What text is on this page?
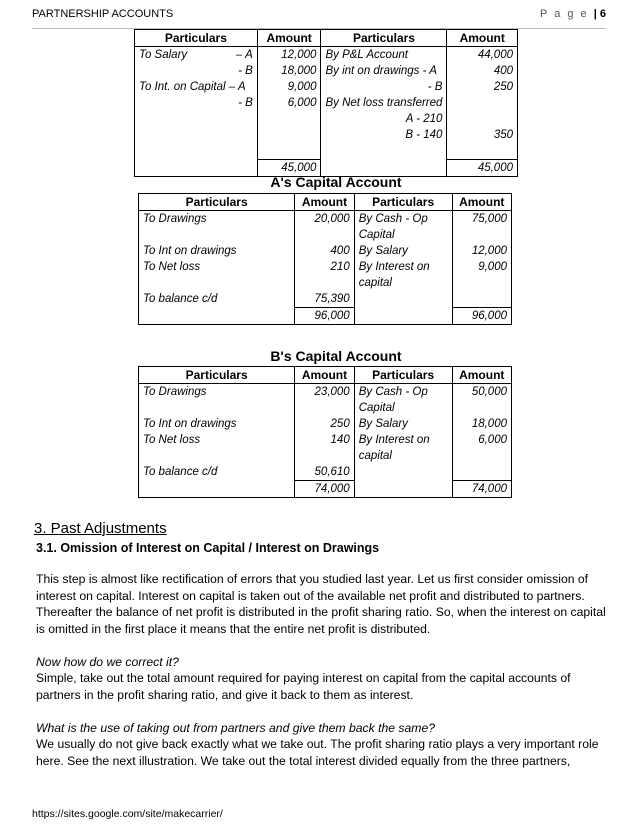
PARTNERSHIP ACCOUNTS	P a g e | 6
Particulars		Amount	Particulars	Amount
To Salary	– A	12,000	By P&L Account	44,000
	- B	18,000	By int on drawings - A	400
To Int. on Capital – A		9,000	- B	250
	- B	6,000	By Net loss transferred	
			A - 210	
			B - 140	350

		45,000		45,000
A's Capital Account
Particulars	Amount	Particulars	Amount
To Drawings	20,000	By Cash - Op Capital	75,000
To Int on drawings	400	By Salary	12,000
To Net loss	210	By Interest on capital	9,000
To balance c/d	75,390		
	96,000		96,000
B's Capital Account
Particulars	Amount	Particulars	Amount
To Drawings	23,000	By Cash - Op Capital	50,000
To Int on drawings	250	By Salary	18,000
To Net loss	140	By Interest on capital	6,000
To balance c/d	50,610		
	74,000		74,000
3. Past Adjustments
3.1. Omission of Interest on Capital / Interest on Drawings
This step is almost like rectification of errors that you studied last year. Let us first consider omission of interest on capital. Interest on capital is taken out of the available net profit and distributed to partners. Thereafter the balance of net profit is distributed in the profit sharing ratio. So, when the interest on capital is omitted in the first place it means that the entire net profit is distributed.
Now how do we correct it?
Simple, take out the total amount required for paying interest on capital from the capital accounts of partners in the profit sharing ratio, and give it back to them as interest.
What is the use of taking out from partners and give them back the same?
We usually do not give back exactly what we take out. The profit sharing ratio plays a very important role here. See the next illustration. We take out the total interest divided equally from the three partners,
https://sites.google.com/site/makecarrier/
